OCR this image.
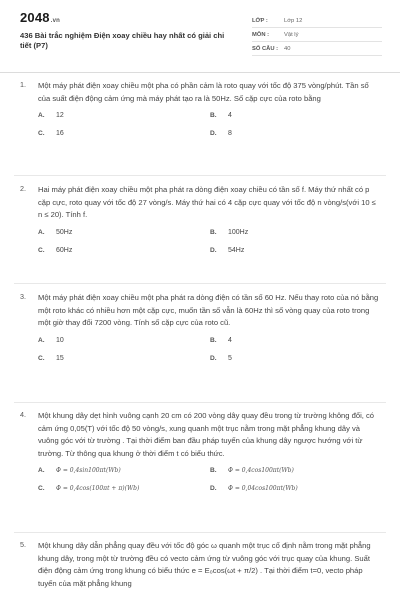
2048.vn
436 Bài trắc nghiệm Điện xoay chiều hay nhất có giải chi tiết (P7)
LỚP :	Lớp 12
MÔN :	Vật lý
SỐ CÂU :	40
1. Một máy phát điện xoay chiều một pha có phần cảm là roto quay với tốc độ 375 vòng/phút. Tần số của suất điện động cảm ứng mà máy phát tạo ra là 50Hz. Số cặp cực của roto bằng
A.	12	B.	4
C.	16	D.	8
2. Hai máy phát điện xoay chiều một pha phát ra dòng điện xoay chiều có tần số f. Máy thứ nhất có p cặp cực, roto quay với tốc độ 27 vòng/s. Máy thứ hai có 4 cặp cực quay với tốc độ n vòng/s(với 10 ≤ n ≤ 20). Tính f.
A.	50Hz	B.	100Hz
C.	60Hz	D.	54Hz
3. Một máy phát điện xoay chiều một pha phát ra dòng điện có tần số 60 Hz. Nếu thay roto của nó bằng một roto khác có nhiều hơn một cặp cực, muốn tần số vẫn là 60Hz thì số vòng quay của roto trong một giờ thay đổi 7200 vòng. Tính số cặp cực của roto cũ.
A.	10	B.	4
C.	15	D.	5
4. Một khung dây dẹt hình vuông cạnh 20 cm có 200 vòng dây quay đều trong từ trường không đổi, có cảm ứng 0,05(T) với tốc độ 50 vòng/s, xung quanh một trục nằm trong mặt phẳng khung dây và vuông góc với từ trường . Tại thời điểm ban đầu pháp tuyến của khung dây ngược hướng với từ trường. Từ thông qua khung ở thời điểm t có biểu thức.
A.	Φ = 0,4sin100πt(Wb)	B.	Φ = 0,4cos100πt(Wb)
C.	Φ = 0,4cos(100πt + π)(Wb)	D.	Φ = 0,04cos100πt(Wb)
5. Một khung dây dẫn phẳng quay đều với tốc độ góc ω quanh một trục cố định nằm trong mặt phẳng khung dây, trong một từ trường đều có vecto cảm ứng từ vuông góc với trục quay của khung. Suất điện động cảm ứng trong khung có biểu thức e = E₀cos(ωt + π/2) . Tại thời điểm t=0, vecto pháp tuyến của mặt phẳng khung
